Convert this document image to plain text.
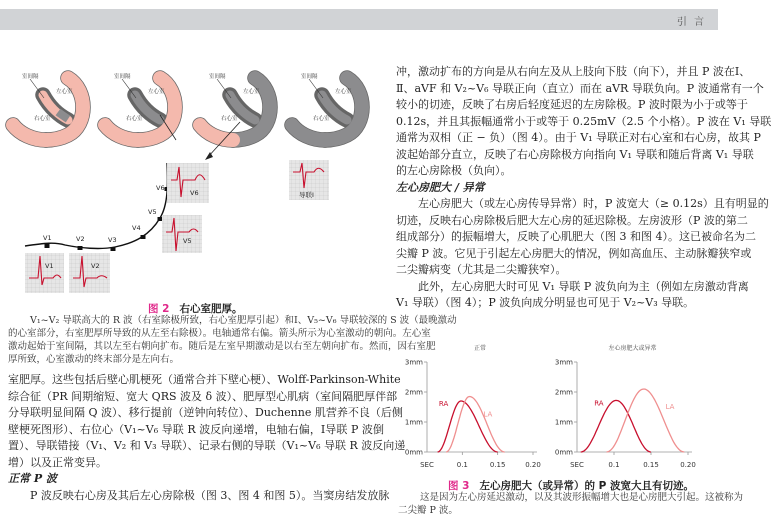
引 言
室间隔
左心室
右心室
室间隔
左心室
右心室
室间隔
左心室
右心室
室间隔
左心室
右心室
V1	V2	V3
V4
V5
V6
V1	V2
V5
V6	导联Ⅰ
图 2 右心室肥厚。
V₁~V₂ 导联高大的 R 波（右室除极所致，右心室肥厚引起）和Ⅰ、V₅~V₆ 导联较深的 S 波（最晚激动
的心室部分，右室肥厚所导致的从左至右除极）。电轴通常右偏。箭头所示为心室激动的朝向。左心室
激动起始于室间隔，其以左至右朝向扩布。随后是左室早期激动是以右至左朝向扩布。然而，因右室肥
厚所致，心室激动的终末部分是左向右。
室肥厚。这些包括后壁心肌梗死（通常合并下壁心梗）、Wolff-Parkinson-White
综合征（PR 间期缩短、宽大 QRS 波及 δ 波）、肥厚型心肌病（室间隔肥厚伴部
分导联明显间隔 Q 波）、移行提前（逆钟向转位）、Duchenne 肌营养不良（后侧
壁梗死图形）、右位心（V₁~V₆ 导联 R 波反向递增，电轴右偏，Ⅰ导联 P 波倒
置）、导联错接（V₁、V₂ 和 V₃ 导联）、记录右侧的导联（V₁~V₆ 导联 R 波反向递
增）以及正常变异。
正常 P 波
P 波反映右心房及其后左心房除极（图 3、图 4 和图 5）。当窦房结发放脉
冲，激动扩布的方向是从右向左及从上肢向下肢（向下），并且 P 波在Ⅰ、
Ⅱ、aVF 和 V₂~V₆ 导联正向（直立）而在 aVR 导联负向。P 波通常有一个
较小的切迹，反映了右房后轻度延迟的左房除极。P 波时限为小于或等于
0.12s，并且其振幅通常小于或等于 0.25mV（2.5 个小格）。P 波在 V₁ 导联
通常为双相（正 − 负）（图 4）。由于 V₁ 导联正对右心室和右心房，故其 P
波起始部分直立，反映了右心房除极方向指向 V₁ 导联和随后背离 V₁ 导联
的左心房除极（负向）。
左心房肥大 / 异常
左心房肥大（或左心房传导异常）时，P 波宽大（≥ 0.12s）且有明显的
切迹，反映右心房除极后肥大左心房的延迟除极。左房波形（P 波的第二
组成部分）的振幅增大，反映了心肌肥大（图 3 和图 4）。这已被命名为二
尖瓣 P 波。它见于引起左心房肥大的情况，例如高血压、主动脉瓣狭窄或
二尖瓣病变（尤其是二尖瓣狭窄）。
此外，左心房肥大时可见 V₁ 导联 P 波负向为主（例如左房激动背离
V₁ 导联）（图 4）；P 波负向成分明显也可见于 V₂~V₃ 导联。
正常
0mm
1mm
2mm
3mm
SEC	0.1	0.15	0.20
RA
LA
左心房肥大或异常
0mm
1mm
2mm
3mm
SEC	0.1	0.15	0.20
RA	LA
图 3 左心房肥大（或异常）的 P 波宽大且有切迹。
这是因为左心房延迟激动，以及其波形振幅增大也是心房肥大引起。这被称为
二尖瓣 P 波。
